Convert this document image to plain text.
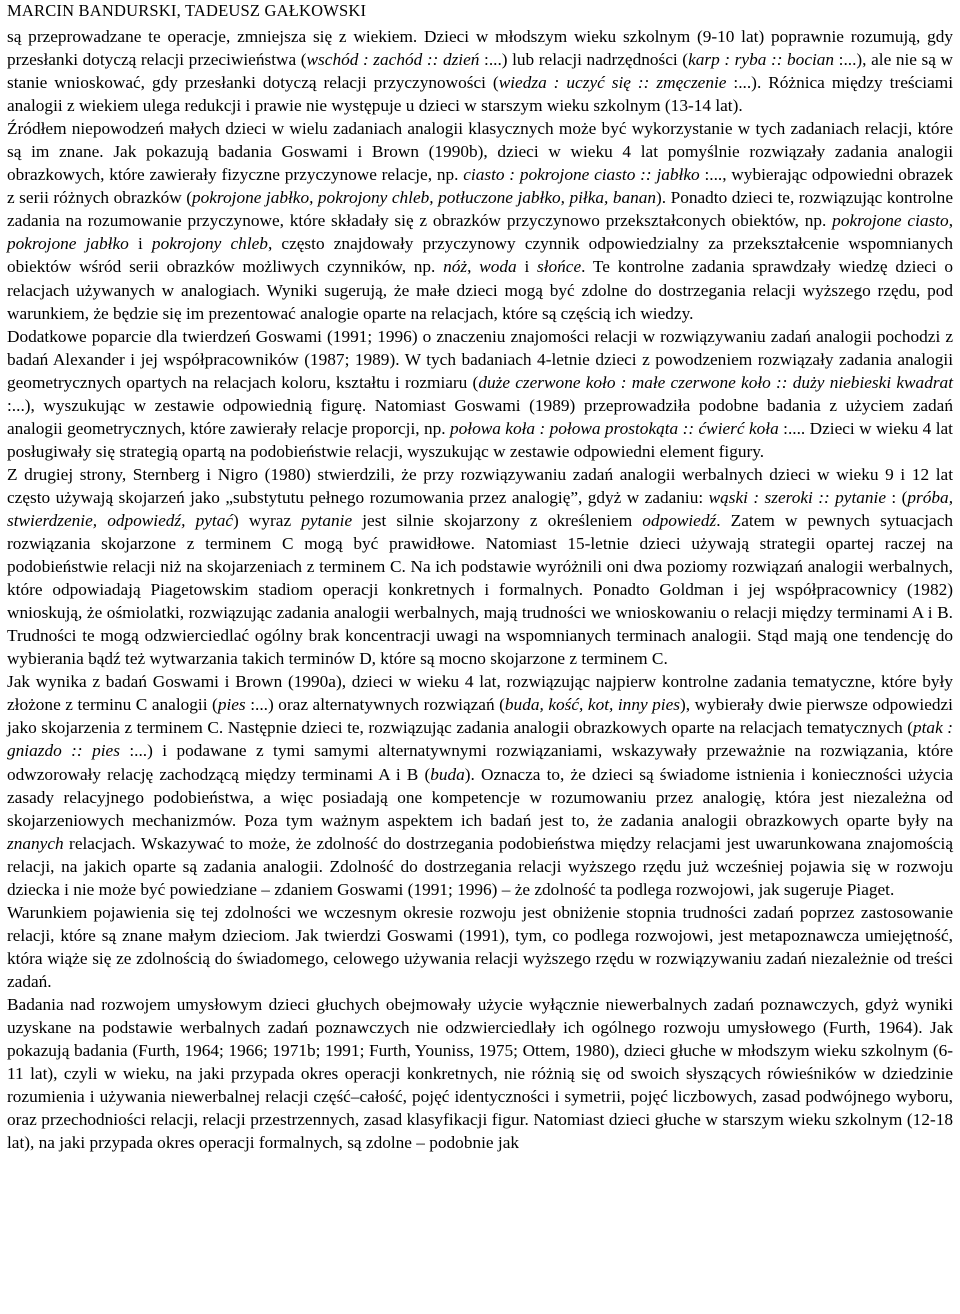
MARCIN BANDURSKI, TADEUSZ GAŁKOWSKI

są przeprowadzane te operacje, zmniejsza się z wiekiem. Dzieci w młodszym wieku szkolnym (9-10 lat) poprawnie rozumują, gdy przesłanki dotyczą relacji przeciwieństwa (wschód : zachód :: dzień :...) lub relacji nadrzędności (karp : ryba :: bocian :...), ale nie są w stanie wnioskować, gdy przesłanki dotyczą relacji przyczynowości (wiedza : uczyć się :: zmęczenie :...). Różnica między treściami analogii z wiekiem ulega redukcji i prawie nie występuje u dzieci w starszym wieku szkolnym (13-14 lat).

Źródłem niepowodzeń małych dzieci w wielu zadaniach analogii klasycznych może być wykorzystanie w tych zadaniach relacji, które są im znane. Jak pokazują badania Goswami i Brown (1990b), dzieci w wieku 4 lat pomyślnie rozwiązały zadania analogii obrazkowych, które zawierały fizyczne przyczynowe relacje, np. ciasto : pokrojone ciasto :: jabłko :..., wybierając odpowiedni obrazek z serii różnych obrazków (pokrojone jabłko, pokrojony chleb, potłuczone jabłko, piłka, banan). Ponadto dzieci te, rozwiązując kontrolne zadania na rozumowanie przyczynowe, które składały się z obrazków przyczynowo przekształconych obiektów, np. pokrojone ciasto, pokrojone jabłko i pokrojony chleb, często znajdowały przyczynowy czynnik odpowiedzialny za przekształcenie wspomnianych obiektów wśród serii obrazków możliwych czynników, np. nóż, woda i słońce. Te kontrolne zadania sprawdzały wiedzę dzieci o relacjach używanych w analogiach. Wyniki sugerują, że małe dzieci mogą być zdolne do dostrzegania relacji wyższego rzędu, pod warunkiem, że będzie się im prezentować analogie oparte na relacjach, które są częścią ich wiedzy.

Dodatkowe poparcie dla twierdzeń Goswami (1991; 1996) o znaczeniu znajomości relacji w rozwiązywaniu zadań analogii pochodzi z badań Alexander i jej współpracowników (1987; 1989). W tych badaniach 4-letnie dzieci z powodzeniem rozwiązały zadania analogii geometrycznych opartych na relacjach koloru, kształtu i rozmiaru (duże czerwone koło : małe czerwone koło :: duży niebieski kwadrat :...), wyszukując w zestawie odpowiednią figurę. Natomiast Goswami (1989) przeprowadziła podobne badania z użyciem zadań analogii geometrycznych, które zawierały relacje proporcji, np. połowa koła : połowa prostokąta :: ćwierć koła :.... Dzieci w wieku 4 lat posługiwały się strategią opartą na podobieństwie relacji, wyszukując w zestawie odpowiedni element figury.

Z drugiej strony, Sternberg i Nigro (1980) stwierdzili, że przy rozwiązywaniu zadań analogii werbalnych dzieci w wieku 9 i 12 lat często używają skojarzeń jako „substytutu pełnego rozumowania przez analogię”, gdyż w zadaniu: wąski : szeroki :: pytanie : (próba, stwierdzenie, odpowiedź, pytać) wyraz pytanie jest silnie skojarzony z określeniem odpowiedź. Zatem w pewnych sytuacjach rozwiązania skojarzone z terminem C mogą być prawidłowe. Natomiast 15-letnie dzieci używają strategii opartej raczej na podobieństwie relacji niż na skojarzeniach z terminem C. Na ich podstawie wyróżnili oni dwa poziomy rozwiązań analogii werbalnych, które odpowiadają Piagetowskim stadiom operacji konkretnych i formalnych. Ponadto Goldman i jej współpracownicy (1982) wnioskują, że ośmiolatki, rozwiązując zadania analogii werbalnych, mają trudności we wnioskowaniu o relacji między terminami A i B. Trudności te mogą odzwierciedlać ogólny brak koncentracji uwagi na wspomnianych terminach analogii. Stąd mają one tendencję do wybierania bądź też wytwarzania takich terminów D, które są mocno skojarzone z terminem C.

Jak wynika z badań Goswami i Brown (1990a), dzieci w wieku 4 lat, rozwiązując najpierw kontrolne zadania tematyczne, które były złożone z terminu C analogii (pies :...) oraz alternatywnych rozwiązań (buda, kość, kot, inny pies), wybierały dwie pierwsze odpowiedzi jako skojarzenia z terminem C. Następnie dzieci te, rozwiązując zadania analogii obrazkowych oparte na relacjach tematycznych (ptak : gniazdo :: pies :...) i podawane z tymi samymi alternatywnymi rozwiązaniami, wskazywały przeważnie na rozwiązania, które odwzorowały relację zachodzącą między terminami A i B (buda). Oznacza to, że dzieci są świadome istnienia i konieczności użycia zasady relacyjnego podobieństwa, a więc posiadają one kompetencje w rozumowaniu przez analogię, która jest niezależna od skojarzeniowych mechanizmów. Poza tym ważnym aspektem ich badań jest to, że zadania analogii obrazkowych oparte były na znanych relacjach. Wskazywać to może, że zdolność do dostrzegania podobieństwa między relacjami jest uwarunkowana znajomością relacji, na jakich oparte są zadania analogii. Zdolność do dostrzegania relacji wyższego rzędu już wcześniej pojawia się w rozwoju dziecka i nie może być powiedziane – zdaniem Goswami (1991; 1996) – że zdolność ta podlega rozwojowi, jak sugeruje Piaget.

Warunkiem pojawienia się tej zdolności we wczesnym okresie rozwoju jest obniżenie stopnia trudności zadań poprzez zastosowanie relacji, które są znane małym dzieciom. Jak twierdzi Goswami (1991), tym, co podlega rozwojowi, jest metapoznawcza umiejętność, która wiąże się ze zdolnością do świadomego, celowego używania relacji wyższego rzędu w rozwiązywaniu zadań niezależnie od treści zadań.

Badania nad rozwojem umysłowym dzieci głuchych obejmowały użycie wyłącznie niewerbalnych zadań poznawczych, gdyż wyniki uzyskane na podstawie werbalnych zadań poznawczych nie odzwierciedlały ich ogólnego rozwoju umysłowego (Furth, 1964). Jak pokazują badania (Furth, 1964; 1966; 1971b; 1991; Furth, Youniss, 1975; Ottem, 1980), dzieci głuche w młodszym wieku szkolnym (6-11 lat), czyli w wieku, na jaki przypada okres operacji konkretnych, nie różnią się od swoich słyszących rówieśników w dziedzinie rozumienia i używania niewerbalnej relacji część–całość, pojęć identyczności i symetrii, pojęć liczbowych, zasad podwójnego wyboru, oraz przechodniości relacji, relacji przestrzennych, zasad klasyfikacji figur. Natomiast dzieci głuche w starszym wieku szkolnym (12-18 lat), na jaki przypada okres operacji formalnych, są zdolne – podobnie jak
